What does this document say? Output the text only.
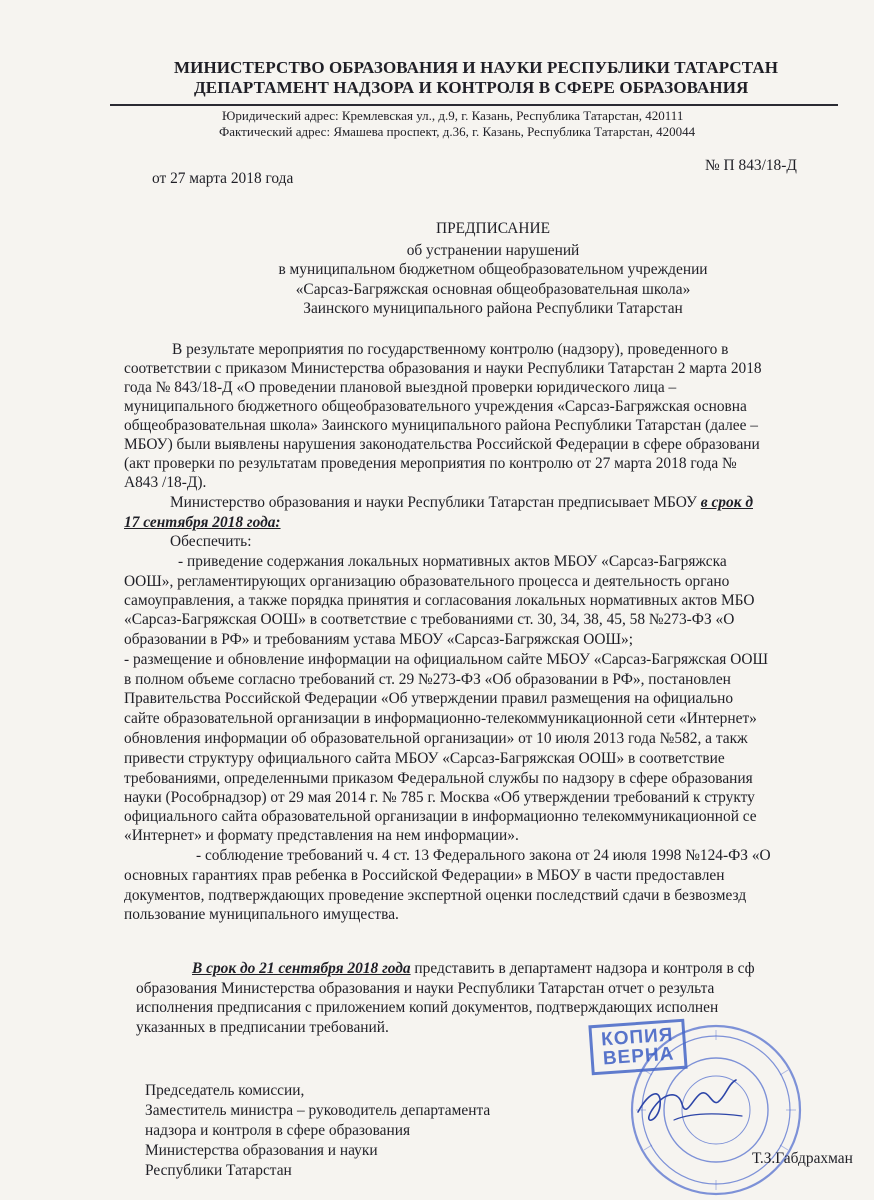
МИНИСТЕРСТВО ОБРАЗОВАНИЯ И НАУКИ РЕСПУБЛИКИ ТАТАРСТАН
ДЕПАРТАМЕНТ НАДЗОРА И КОНТРОЛЯ В СФЕРЕ ОБРАЗОВАНИЯ
Юридический адрес: Кремлевская ул., д.9, г. Казань, Республика Татарстан, 420111
Фактический адрес: Ямашева проспект, д.36, г. Казань, Республика Татарстан, 420044
от 27 марта 2018 года
№ П 843/18-Д
ПРЕДПИСАНИЕ
об устранении нарушений
в муниципальном бюджетном общеобразовательном учреждении
«Сарсаз-Багряжская основная общеобразовательная школа»
Заинского муниципального района Республики Татарстан
В результате мероприятия по государственному контролю (надзору), проведенного в
соответствии с приказом Министерства образования и науки Республики Татарстан 2 марта 2018
года № 843/18-Д «О проведении плановой выездной проверки юридического лица –
муниципального бюджетного общеобразовательного учреждения «Сарсаз-Багряжская основна
общеобразовательная школа» Заинского муниципального района Республики Татарстан (далее –
МБОУ) были выявлены нарушения законодательства Российской Федерации в сфере образовани
(акт проверки по результатам проведения мероприятия по контролю от 27 марта 2018 года №
А843 /18-Д).
Министерство образования и науки Республики Татарстан предписывает МБОУ в срок д
17 сентября 2018 года:
Обеспечить:
- приведение содержания локальных нормативных актов МБОУ «Сарсаз-Багряжска
ООШ», регламентирующих организацию образовательного процесса и деятельность органо
самоуправления, а также порядка принятия и согласования локальных нормативных актов МБО
«Сарсаз-Багряжская ООШ» в соответствие с требованиями ст. 30, 34, 38, 45, 58 №273-ФЗ «О
образовании в РФ» и требованиям устава МБОУ «Сарсаз-Багряжская ООШ»;
- размещение и обновление информации на официальном сайте МБОУ «Сарсаз-Багряжская ООШ
в полном объеме согласно требований ст. 29 №273-ФЗ «Об образовании в РФ», постановлен
Правительства Российской Федерации «Об утверждении правил размещения на официально
сайте образовательной организации в информационно-телекоммуникационной сети «Интернет»
обновления информации об образовательной организации» от 10 июля 2013 года №582, а такж
привести структуру официального сайта МБОУ «Сарсаз-Багряжская ООШ» в соответствие
требованиями, определенными приказом Федеральной службы по надзору в сфере образования
науки (Рособрнадзор) от 29 мая 2014 г. № 785 г. Москва «Об утверждении требований к структу
официального сайта образовательной организации в информационно телекоммуникационной се
«Интернет» и формату представления на нем информации».
- соблюдение требований ч. 4 ст. 13 Федерального закона от 24 июля 1998 №124-ФЗ «О
основных гарантиях прав ребенка в Российской Федерации» в МБОУ в части предоставлен
документов, подтверждающих проведение экспертной оценки последствий сдачи в безвозмезд
пользование муниципального имущества.
В срок до 21 сентября 2018 года представить в департамент надзора и контроля в сф
образования Министерства образования и науки Республики Татарстан отчет о результа
исполнения предписания с приложением копий документов, подтверждающих исполнен
указанных в предписании требований.
Председатель комиссии,
Заместитель министра – руководитель департамента
надзора и контроля в сфере образования
Министерства образования и науки
Республики Татарстан
КОПИЯ
ВЕРНА
Т.З.Габдрахман
